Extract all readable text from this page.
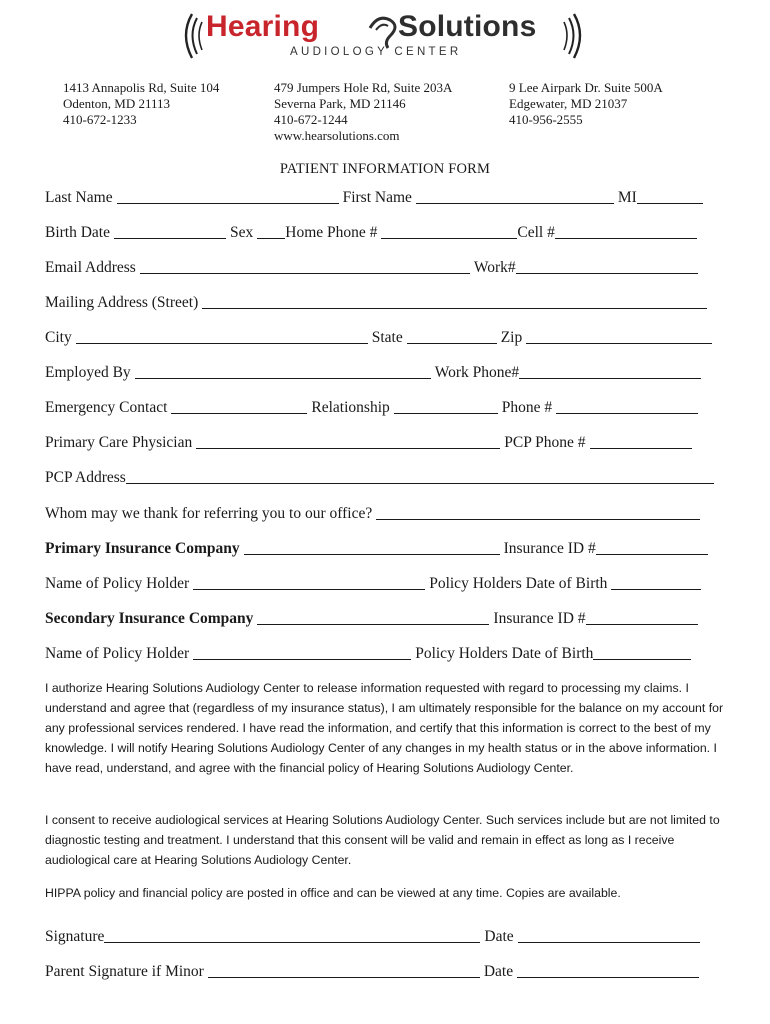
Hearing	Solutions
AUDIOLOGY CENTER
1413 Annapolis Rd, Suite 104
Odenton, MD 21113
410-672-1233
479 Jumpers Hole Rd, Suite 203A
Severna Park, MD 21146
410-672-1244
www.hearsolutions.com
9 Lee Airpark Dr. Suite 500A
Edgewater, MD 21037
410-956-2555
PATIENT INFORMATION FORM
Last Name	First Name	MI
Birth Date	Sex Home Phone #	Cell #
Email Address	Work#
Mailing Address (Street)
City	State	Zip
Employed By	Work Phone#
Emergency Contact	Relationship	Phone #
Primary Care Physician	PCP Phone #
PCP Address
Whom may we thank for referring you to our office?
Primary Insurance Company	Insurance ID #
Name of Policy Holder	Policy Holders Date of Birth
Secondary Insurance Company	Insurance ID #
Name of Policy Holder	Policy Holders Date of Birth
I authorize Hearing Solutions Audiology Center to release information requested with regard to processing my claims. I understand and agree that (regardless of my insurance status), I am ultimately responsible for the balance on my account for any professional services rendered. I have read the information, and certify that this information is correct to the best of my knowledge. I will notify Hearing Solutions Audiology Center of any changes in my health status or in the above information. I have read, understand, and agree with the financial policy of Hearing Solutions Audiology Center.
I consent to receive audiological services at Hearing Solutions Audiology Center. Such services include but are not limited to diagnostic testing and treatment. I understand that this consent will be valid and remain in effect as long as I receive audiological care at Hearing Solutions Audiology Center.
HIPPA policy and financial policy are posted in office and can be viewed at any time. Copies are available.
Signature	Date
Parent Signature if Minor	Date
